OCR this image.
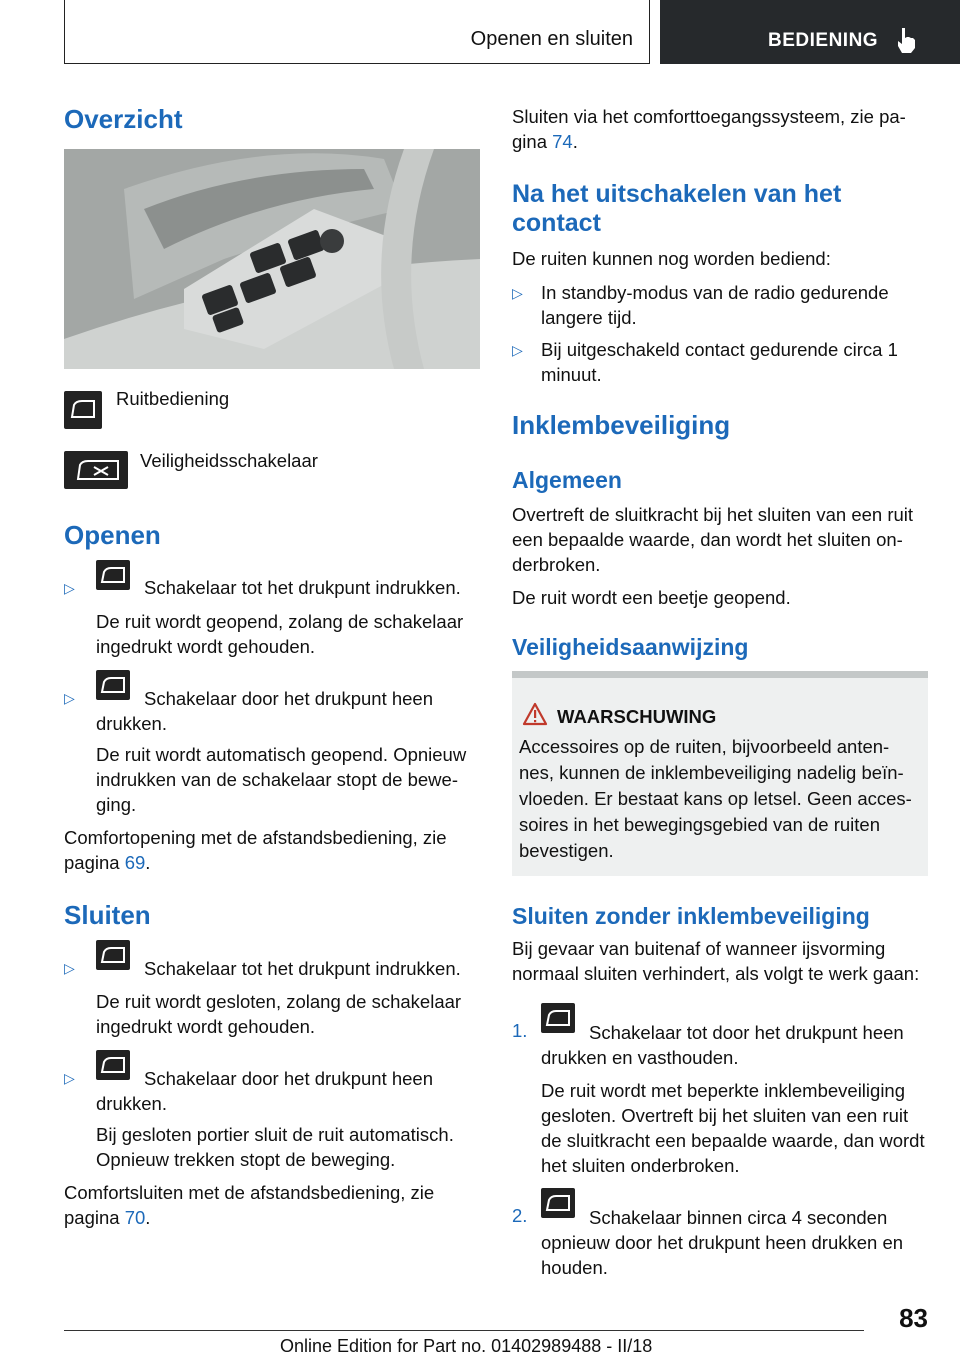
Openen en sluiten	BEDIENING
Overzicht
Ruitbediening
Veiligheidsschakelaar
Openen
▷	Schakelaar tot het drukpunt indrukken.
De ruit wordt geopend, zolang de schakelaar ingedrukt wordt gehouden.
▷	Schakelaar door het drukpunt heen drukken.
De ruit wordt automatisch geopend. Opnieuw indrukken van de schakelaar stopt de bewe-ging.
Comfortopening met de afstandsbediening, zie pagina 69.
Sluiten
▷	Schakelaar tot het drukpunt indrukken.
De ruit wordt gesloten, zolang de schakelaar ingedrukt wordt gehouden.
▷	Schakelaar door het drukpunt heen drukken.
Bij gesloten portier sluit de ruit automatisch. Opnieuw trekken stopt de beweging.
Comfortsluiten met de afstandsbediening, zie pagina 70.
Sluiten via het comforttoegangssysteem, zie pa-gina 74.
Na het uitschakelen van het contact
De ruiten kunnen nog worden bediend:
▷ In standby-modus van de radio gedurende langere tijd.
▷ Bij uitgeschakeld contact gedurende circa 1 minuut.
Inklembeveiliging
Algemeen
Overtreft de sluitkracht bij het sluiten van een ruit een bepaalde waarde, dan wordt het sluiten on-derbroken.
De ruit wordt een beetje geopend.
Veiligheidsaanwijzing
WAARSCHUWING
Accessoires op de ruiten, bijvoorbeeld anten-nes, kunnen de inklembeveiliging nadelig beïn-vloeden. Er bestaat kans op letsel. Geen acces-soires in het bewegingsgebied van de ruiten bevestigen.
Sluiten zonder inklembeveiliging
Bij gevaar van buitenaf of wanneer ijsvorming normaal sluiten verhindert, als volgt te werk gaan:
1.	Schakelaar tot door het drukpunt heen drukken en vasthouden.
De ruit wordt met beperkte inklembeveiliging gesloten. Overtreft bij het sluiten van een ruit de sluitkracht een bepaalde waarde, dan wordt het sluiten onderbroken.
2.	Schakelaar binnen circa 4 seconden opnieuw door het drukpunt heen drukken en houden.
83
Online Edition for Part no. 01402989488 - II/18
